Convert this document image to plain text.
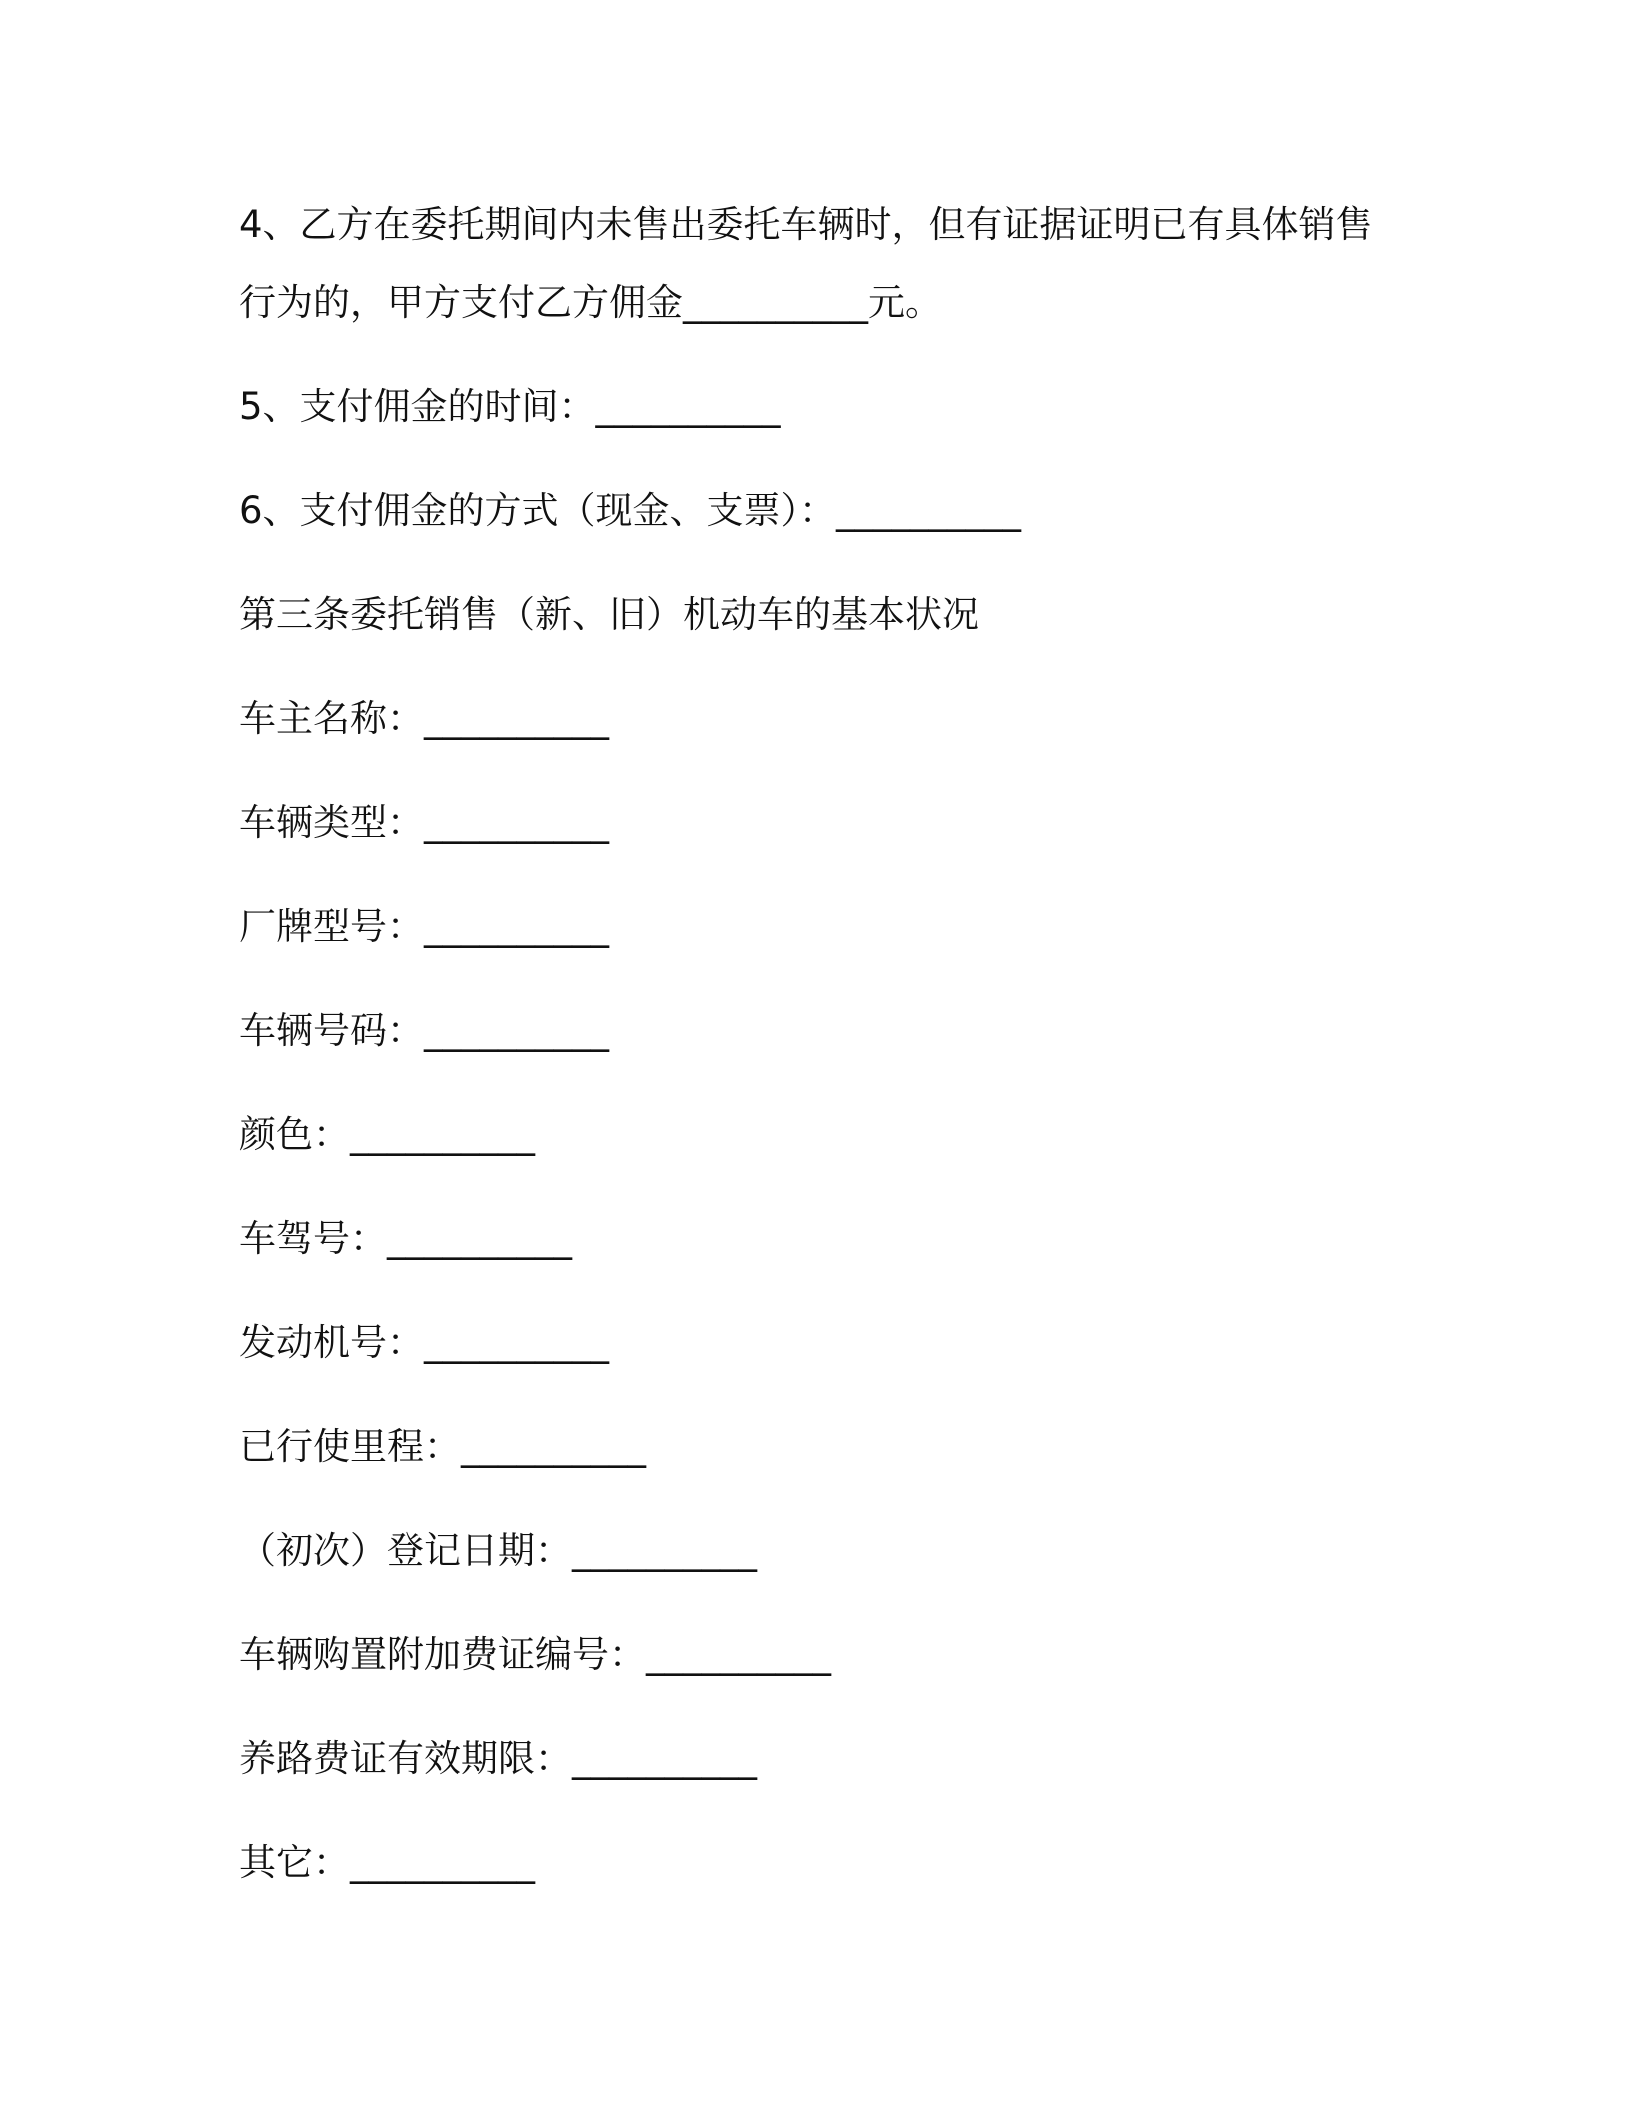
4、乙方在委托期间内未售出委托车辆时，但有证据证明已有具体销售行为的，甲方支付乙方佣金__________元。

5、支付佣金的时间：__________

6、支付佣金的方式（现金、支票）：__________

第三条委托销售（新、旧）机动车的基本状况

车主名称：__________

车辆类型：__________

厂牌型号：__________

车辆号码：__________

颜色：__________

车驾号：__________

发动机号：__________

已行使里程：__________

（初次）登记日期：__________

车辆购置附加费证编号：__________

养路费证有效期限：__________

其它：__________
